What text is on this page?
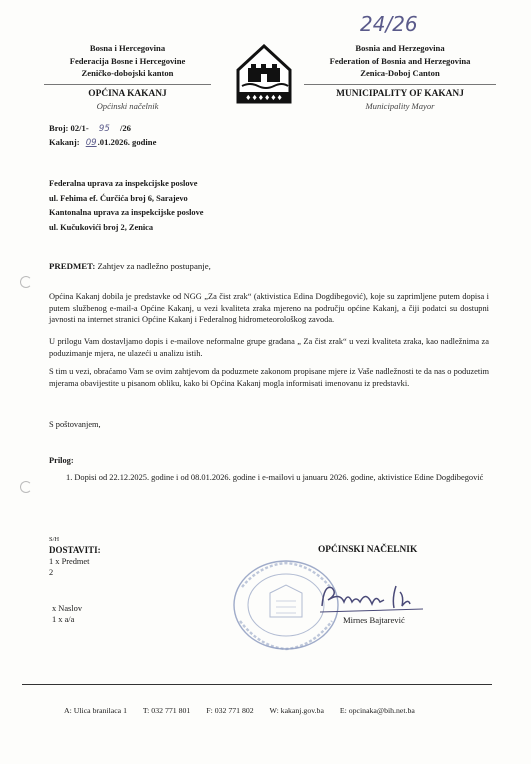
24/26
Bosna i Hercegovina
Federacija Bosne i Hercegovine
Zeničko-dobojski kanton
OPĆINA KAKANJ
Općinski načelnik
♦♦♦♦♦♦
Bosnia and Herzegovina
Federation of Bosnia and Herzegovina
Zenica-Doboj Canton
MUNICIPALITY OF KAKANJ
Municipality Mayor
Broj: 02/1- 95 /26
Kakanj: 09.01.2026. godine
Federalna uprava za inspekcijske poslove
ul. Fehima ef. Ćurčića broj 6, Sarajevo
Kantonalna uprava za inspekcijske poslove
ul. Kučukovići broj 2, Zenica
PREDMET: Zahtjev za nadležno postupanje,
Općina Kakanj dobila je predstavke od NGG „Za čist zrak“ (aktivistica Edina Dogdibegović), koje su zaprimljene putem dopisa i putem službenog e-mail-a Općine Kakanj, u vezi kvaliteta zraka mjereno na području općine Kakanj, a čiji podatci su dostupni javnosti na internet stranici Općine Kakanj i Federalnog hidrometeorološkog zavoda.
U prilogu Vam dostavljamo dopis i e-mailove neformalne grupe građana „ Za čist zrak“ u vezi kvaliteta zraka, kao nadležnima za poduzimanje mjera, ne ulazeći u analizu istih.
S tim u vezi, obraćamo Vam se ovim zahtjevom da poduzmete zakonom propisane mjere iz Vaše nadležnosti te da nas o poduzetim mjerama obavijestite u pisanom obliku, kako bi Općina Kakanj mogla informisati imenovanu iz predstavki.
S poštovanjem,
Prilog:
1. Dopisi od 22.12.2025. godine i od 08.01.2026. godine i e-mailovi u januaru 2026. godine, aktivistice Edine Dogdibegović
S/H
DOSTAVITI:
1 x Predmet
2
x Naslov
1 x a/a
OPĆINSKI NAČELNIK
Mirnes Bajtarević
A: Ulica branilaca 1 T: 032 771 801 F: 032 771 802 W: kakanj.gov.ba E: opcinaka@bih.net.ba
